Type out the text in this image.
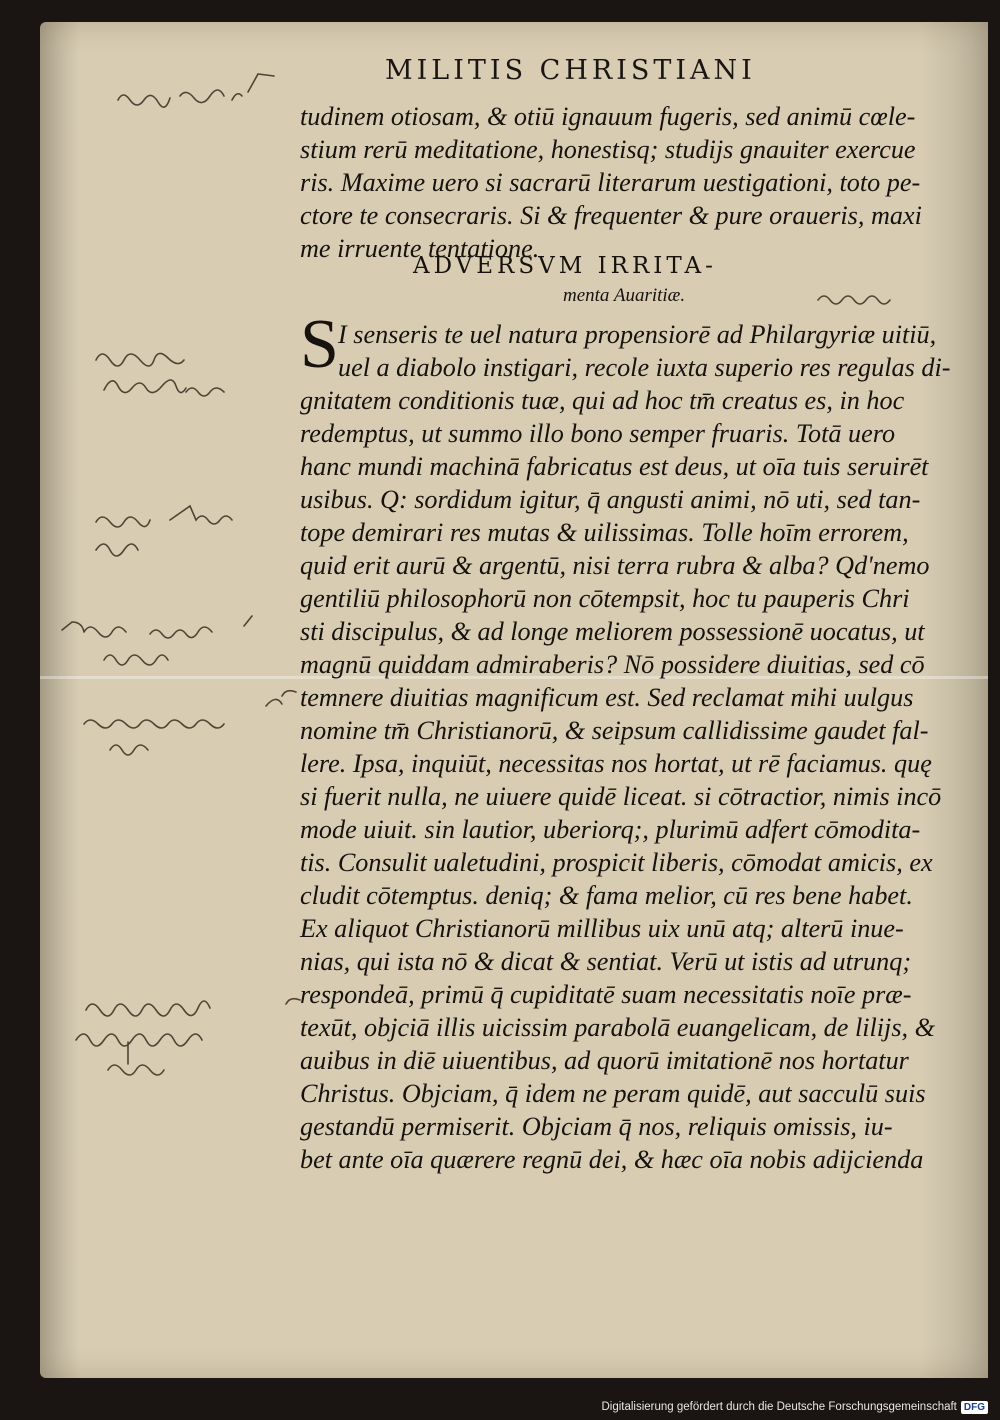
MILITIS CHRISTIANI
tudinem otiosam, & otiū ignauum fugeris, sed animū cœle-
stium rerū meditatione, honestisq; studijs gnauiter exercue
ris. Maxime uero si sacrarū literarum uestigationi, toto pe-
ctore te consecraris. Si & frequenter & pure oraueris, maxi
me irruente tentatione.
ADVERSVM IRRITA-
menta Auaritiæ.
S I senseris te uel natura propensiorē ad Philargyriæ uitiū,
uel a diabolo instigari, recole iuxta superio res regulas di-
gnitatem conditionis tuæ, qui ad hoc tm̄ creatus es, in hoc
redemptus, ut summo illo bono semper fruaris. Totā uero
hanc mundi machinā fabricatus est deus, ut oīa tuis seruirēt
usibus. Q: sordidum igitur, q̄ angusti animi, nō uti, sed tan-
tope demirari res mutas & uilissimas. Tolle hoīm errorem,
quid erit aurū & argentū, nisi terra rubra & alba? Qd'nemo
gentiliū philosophorū non cōtempsit, hoc tu pauperis Chri
sti discipulus, & ad longe meliorem possessionē uocatus, ut
magnū quiddam admiraberis? Nō possidere diuitias, sed cō
temnere diuitias magnificum est. Sed reclamat mihi uulgus
nomine tm̄ Christianorū, & seipsum callidissime gaudet fal-
lere. Ipsa, inquiūt, necessitas nos hortat, ut rē faciamus. quę
si fuerit nulla, ne uiuere quidē liceat. si cōtractior, nimis incō
mode uiuit. sin lautior, uberiorq;, plurimū adfert cōmodita-
tis. Consulit ualetudini, prospicit liberis, cōmodat amicis, ex
cludit cōtemptus. deniq; & fama melior, cū res bene habet.
Ex aliquot Christianorū millibus uix unū atq; alterū inue-
nias, qui ista nō & dicat & sentiat. Verū ut istis ad utrunq;
respondeā, primū q̄ cupiditatē suam necessitatis noīe præ-
texūt, objciā illis uicissim parabolā euangelicam, de lilijs, &
auibus in diē uiuentibus, ad quorū imitationē nos hortatur
Christus. Objciam, q̄ idem ne peram quidē, aut sacculū suis
gestandū permiserit. Objciam q̄ nos, reliquis omissis, iu-
bet ante oīa quærere regnū dei, & hæc oīa nobis adijcienda
Digitalisierung gefördert durch die Deutsche Forschungsgemeinschaft DFG
